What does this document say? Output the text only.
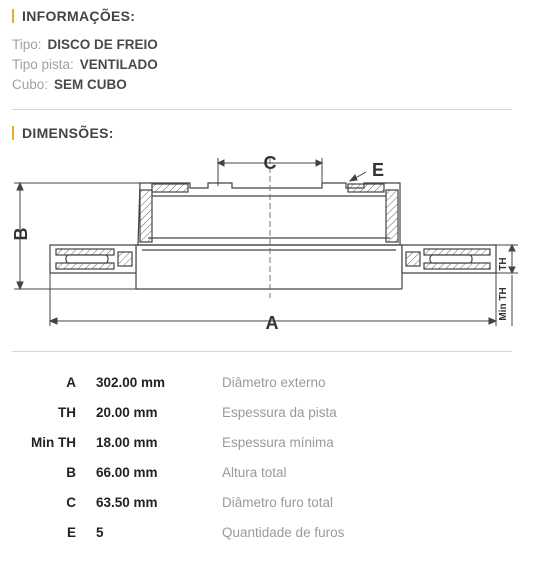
INFORMAÇÕES:
Tipo: DISCO DE FREIO
Tipo pista: VENTILADO
Cubo: SEM CUBO
DIMENSÕES:
C	E
B
A
TH
Min TH
A 302.00 mm	Diâmetro externo
TH 20.00 mm	Espessura da pista
Min TH 18.00 mm	Espessura mínima
B 66.00 mm	Altura total
C 63.50 mm	Diâmetro furo total
E 5	Quantidade de furos
